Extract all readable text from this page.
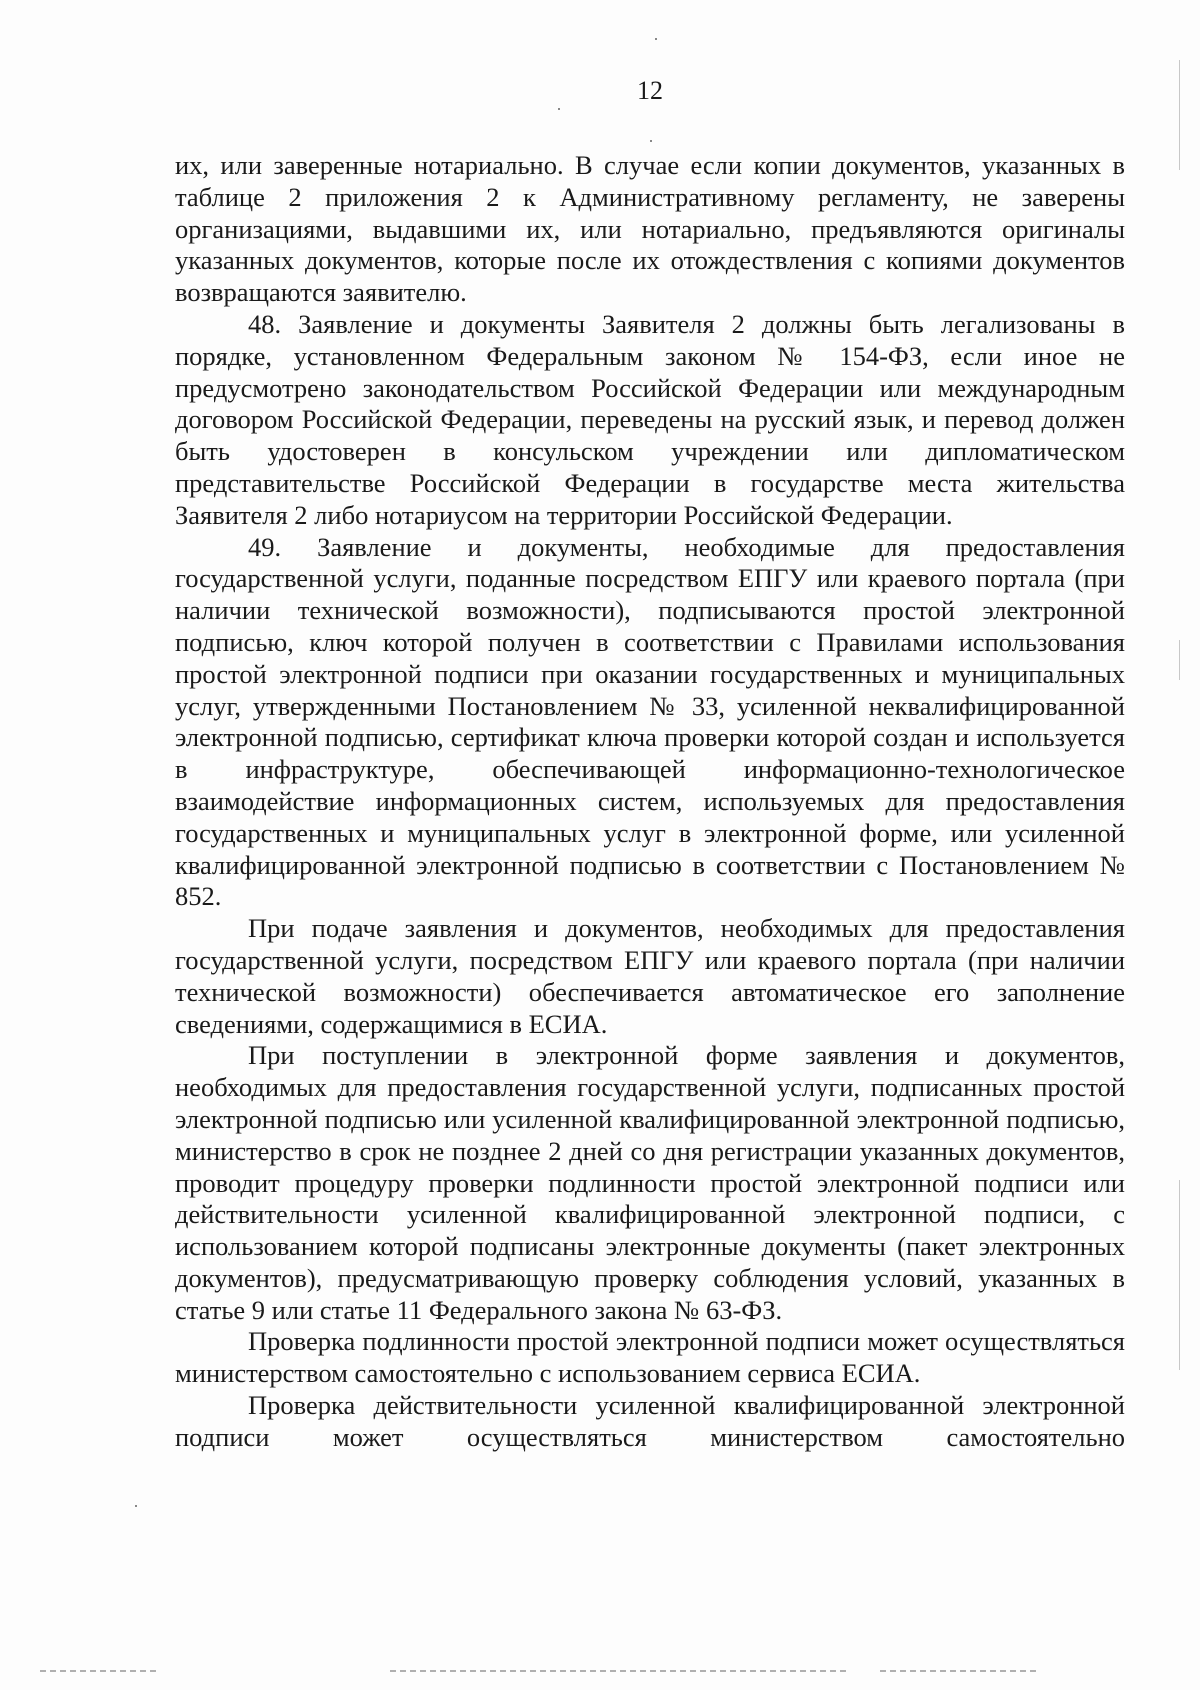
12

их, или заверенные нотариально. В случае если копии документов, указанных в таблице 2 приложения 2 к Административному регламенту, не заверены организациями, выдавшими их, или нотариально, предъявляются оригиналы указанных документов, которые после их отождествления с копиями документов возвращаются заявителю.

48. Заявление и документы Заявителя 2 должны быть легализованы в порядке, установленном Федеральным законом № 154-ФЗ, если иное не предусмотрено законодательством Российской Федерации или международным договором Российской Федерации, переведены на русский язык, и перевод должен быть удостоверен в консульском учреждении или дипломатическом представительстве Российской Федерации в государстве места жительства Заявителя 2 либо нотариусом на территории Российской Федерации.

49. Заявление и документы, необходимые для предоставления государственной услуги, поданные посредством ЕПГУ или краевого портала (при наличии технической возможности), подписываются простой электронной подписью, ключ которой получен в соответствии с Правилами использования простой электронной подписи при оказании государственных и муниципальных услуг, утвержденными Постановлением № 33, усиленной неквалифицированной электронной подписью, сертификат ключа проверки которой создан и используется в инфраструктуре, обеспечивающей информационно-технологическое взаимодействие информационных систем, используемых для предоставления государственных и муниципальных услуг в электронной форме, или усиленной квалифицированной электронной подписью в соответствии с Постановлением № 852.

При подаче заявления и документов, необходимых для предоставления государственной услуги, посредством ЕПГУ или краевого портала (при наличии технической возможности) обеспечивается автоматическое его заполнение сведениями, содержащимися в ЕСИА.

При поступлении в электронной форме заявления и документов, необходимых для предоставления государственной услуги, подписанных простой электронной подписью или усиленной квалифицированной электронной подписью, министерство в срок не позднее 2 дней со дня регистрации указанных документов, проводит процедуру проверки подлинности простой электронной подписи или действительности усиленной квалифицированной электронной подписи, с использованием которой подписаны электронные документы (пакет электронных документов), предусматривающую проверку соблюдения условий, указанных в статье 9 или статье 11 Федерального закона № 63-ФЗ.

Проверка подлинности простой электронной подписи может осуществляться министерством самостоятельно с использованием сервиса ЕСИА.

Проверка действительности усиленной квалифицированной электронной подписи может осуществляться министерством самостоятельно
